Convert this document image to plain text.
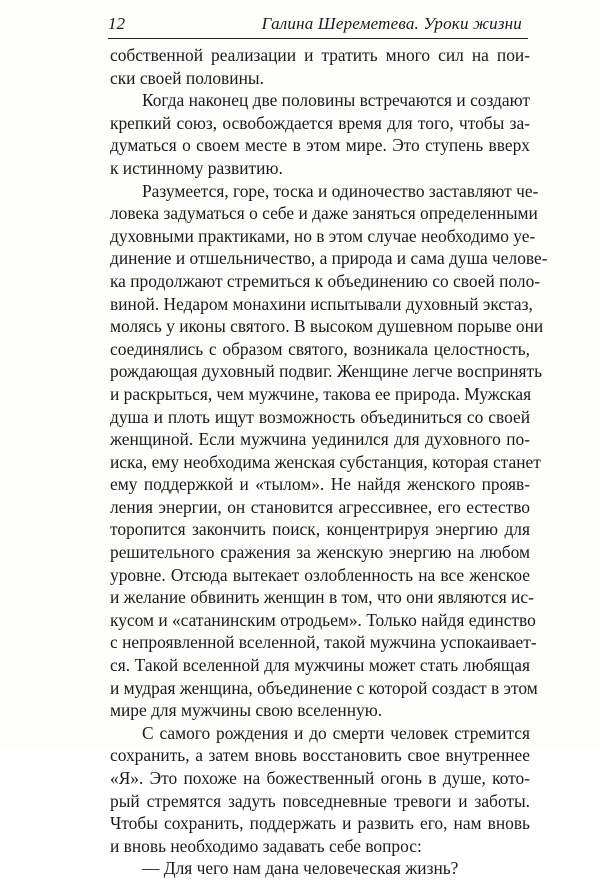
12	Галина Шереметева. Уроки жизни
собственной реализации и тратить много сил на пои-
ски своей половины.
Когда наконец две половины встречаются и создают
крепкий союз, освобождается время для того, чтобы за-
думаться о своем месте в этом мире. Это ступень вверх
к истинному развитию.
Разумеется, горе, тоска и одиночество заставляют че-
ловека задуматься о себе и даже заняться определенными
духовными практиками, но в этом случае необходимо уе-
динение и отшельничество, а природа и сама душа челове-
ка продолжают стремиться к объединению со своей поло-
виной. Недаром монахини испытывали духовный экстаз,
молясь у иконы святого. В высоком душевном порыве они
соединялись с образом святого, возникала целостность,
рождающая духовный подвиг. Женщине легче воспринять
и раскрыться, чем мужчине, такова ее природа. Мужская
душа и плоть ищут возможность объединиться со своей
женщиной. Если мужчина уединился для духовного по-
иска, ему необходима женская субстанция, которая станет
ему поддержкой и «тылом». Не найдя женского прояв-
ления энергии, он становится агрессивнее, его естество
торопится закончить поиск, концентрируя энергию для
решительного сражения за женскую энергию на любом
уровне. Отсюда вытекает озлобленность на все женское
и желание обвинить женщин в том, что они являются ис-
кусом и «сатанинским отродьем». Только найдя единство
с непроявленной вселенной, такой мужчина успокаивает-
ся. Такой вселенной для мужчины может стать любящая
и мудрая женщина, объединение с которой создаст в этом
мире для мужчины свою вселенную.
С самого рождения и до смерти человек стремится
сохранить, а затем вновь восстановить свое внутреннее
«Я». Это похоже на божественный огонь в душе, кото-
рый стремятся задуть повседневные тревоги и заботы.
Чтобы сохранить, поддержать и развить его, нам вновь
и вновь необходимо задавать себе вопрос:
— Для чего нам дана человеческая жизнь?
